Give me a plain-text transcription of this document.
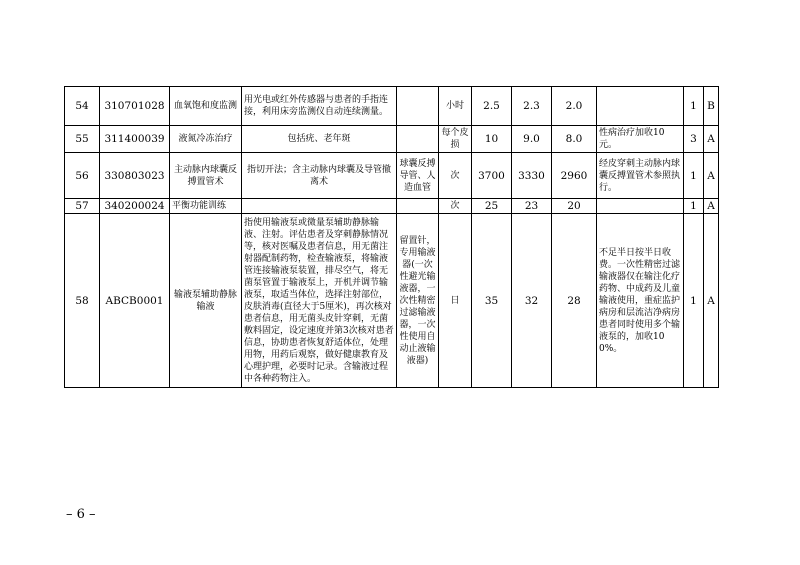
54	310701028	血氧饱和度监测	用光电或红外传感器与患者的手指连接，利用床旁监测仪自动连续测量。		小时	2.5	2.3	2.0		1	B
55	311400039	液氮冷冻治疗	包括疣、老年斑		每个皮损	10	9.0	8.0	性病治疗加收10元。	3	A
56	330803023	主动脉内球囊反搏置管术	指切开法；含主动脉内球囊及导管撤离术	球囊反搏导管、人造血管	次	3700	3330	2960	经皮穿刺主动脉内球囊反搏置管术参照执行。	1	A
57	340200024	平衡功能训练			次	25	23	20		1	A
58	ABCB0001	输液泵辅助静脉输液	指使用输液泵或微量泵辅助静脉输液、注射。评估患者及穿刺静脉情况等，核对医嘱及患者信息，用无菌注射器配制药物，检查输液泵，将输液管连接输液泵装置，排尽空气，将无菌泵管置于输液泵上，开机并调节输液泵，取适当体位，选择注射部位，皮肤消毒(直径大于5厘米)，再次核对患者信息，用无菌头皮针穿刺，无菌敷料固定，设定速度并第3次核对患者信息，协助患者恢复舒适体位，处理用物，用药后观察，做好健康教育及心理护理，必要时记录。含输液过程中各种药物注入。	留置针，专用输液器(一次性避光输液器，一次性精密过滤输液器，一次性使用自动止液输液器)	日	35	32	28	不足半日按半日收费。一次性精密过滤输液器仅在输注化疗药物、中成药及儿童输液使用，重症监护病房和层流洁净病房患者同时使用多个输液泵的，加收100%。	1	A
– 6 –
